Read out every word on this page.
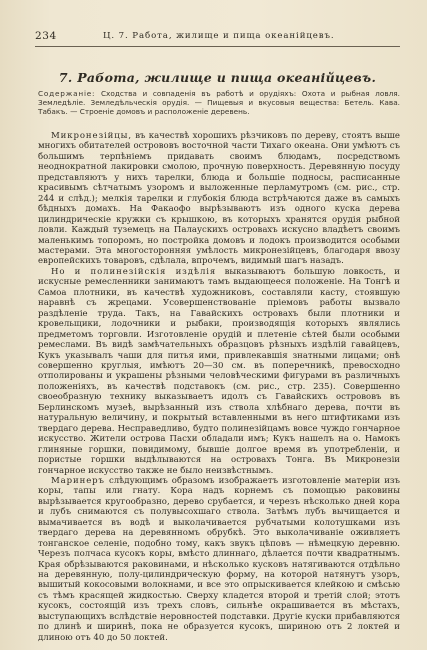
234	Ц. 7. Работа, жилище и пища океанійцевъ.
7. Работа, жилище и пища океанійцевъ.
Содержаніе: Сходства и совпаденія въ работѣ и орудіяхъ: Охота и рыбная ловля. Земледѣліе. Земледѣльческія орудія. — Пищевыя и вкусовыя вещества: Бетель. Кава. Табакъ. — Строеніе домовъ и расположеніе деревень.

Микронезійцы, въ качествѣ хорошихъ рѣзчиковъ по дереву, стоятъ выше многихъ обитателей острововъ восточной части Тихаго океана. Они умѣютъ съ большимъ терпѣніемъ придавать своимъ блюдамъ, посредствомъ неоднократной лакировки смолою, прочную поверхность. Деревянную посуду представляютъ у нихъ тарелки, блюда и большіе подносы, расписанные красивымъ сѣтчатымъ узоромъ и выложенные перламутромъ (см. рис., стр. 244 и слѣд.); мелкія тарелки и глубокія блюда встрѣчаются даже въ самыхъ бѣдныхъ домахъ. На Факаофо вырѣзываютъ изъ одного куска дерева цилиндрическіе кружки съ крышкою, въ которыхъ хранятся орудія рыбной ловли. Каждый туземецъ на Палаускихъ островахъ искусно владѣетъ своимъ маленькимъ топоромъ, но постройка домовъ и лодокъ производится особыми мастерами. Эта многосторонняя умѣлость микронезійцевъ, благодаря ввозу европейскихъ товаровъ, сдѣлала, впрочемъ, видимый шагъ назадъ.

Но и полинезійскія издѣлія выказываютъ большую ловкость, и искусные ремесленники занимаютъ тамъ выдающееся положеніе. На Тонгѣ и Самоа плотники, въ качествѣ художниковъ, составляли касту, стоявшую наравнѣ съ жрецами. Усовершенствованіе пріемовъ работы вызвало раздѣленіе труда. Такъ, на Гавайскихъ островахъ были плотники и кровельщики, лодочники и рыбаки, производящія которыхъ являлись предметомъ торговли. Изготовленіе орудій и плетеніе сѣтей были особыми ремеслами. Въ видѣ замѣчательныхъ образцовъ рѣзныхъ издѣлій гавайцевъ, Кукъ указывалъ чаши для питья ими, привлекавшія знатными лицами; онѣ совершенно круглыя, имѣютъ 20—30 см. въ поперечникѣ, превосходно отполированы и украшены рѣзными человѣческими фигурами въ различныхъ положеніяхъ, въ качествѣ подставокъ (см. рис., стр. 235). Совершенно своеобразную технику выказываетъ идолъ съ Гавайскихъ острововъ въ Берлинскомъ музеѣ, вырѣзанный изъ ствола хлѣбнаго дерева, почти въ натуральную величину, и покрытый вставленными въ него штифтиками изъ твердаго дерева. Несправедливо, будто полинезійцамъ вовсе чуждо гончарное искусство. Жители острова Пасхи обладали имъ; Кукъ нашелъ на о. Намокъ глиняные горшки, повидимому, бывшіе долгое время въ употребленіи, и пористые горшки выдѣлываются на островахъ Тонга. Въ Микронезіи гончарное искусство также не было неизвѣстнымъ.

Маринеръ слѣдующимъ образомъ изображаетъ изготовленіе матеріи изъ коры, тапы или гнату. Кора надъ корнемъ съ помощью раковины вырѣзывается кругообразно, дерево срубается, и черезъ нѣсколько дней кора и лубъ снимаются съ полувысохшаго ствола. Затѣмъ лубъ вычищается и вымачивается въ водѣ и выколачивается рубчатыми колотушками изъ твердаго дерева на деревянномъ обрубкѣ. Это выколачиваніе оживляетъ тонганское селеніе, подобно тому, какъ звукъ цѣповъ — нѣмецкую деревню. Черезъ полчаса кусокъ коры, вмѣсто длиннаго, дѣлается почти квадратнымъ. Края обрѣзываются раковинами, и нѣсколько кусковъ натягиваются отдѣльно на деревянную, полу-цилиндрическую форму, на которой натянутъ узоръ, вышитый кокосовыми волокнами, и все это опрыскивается клейкою и смѣсью съ тѣмъ красящей жидкостью. Сверху кладется второй и третій слой; этотъ кусокъ, состоящій изъ трехъ словъ, сильнѣе окрашивается въ мѣстахъ, выступающихъ вслѣдствіе неровностей подставки. Другіе куски прибавляются по длинѣ и ширинѣ, пока не образуется кусокъ, шириною отъ 2 локтей и длиною отъ 40 до 50 локтей.
